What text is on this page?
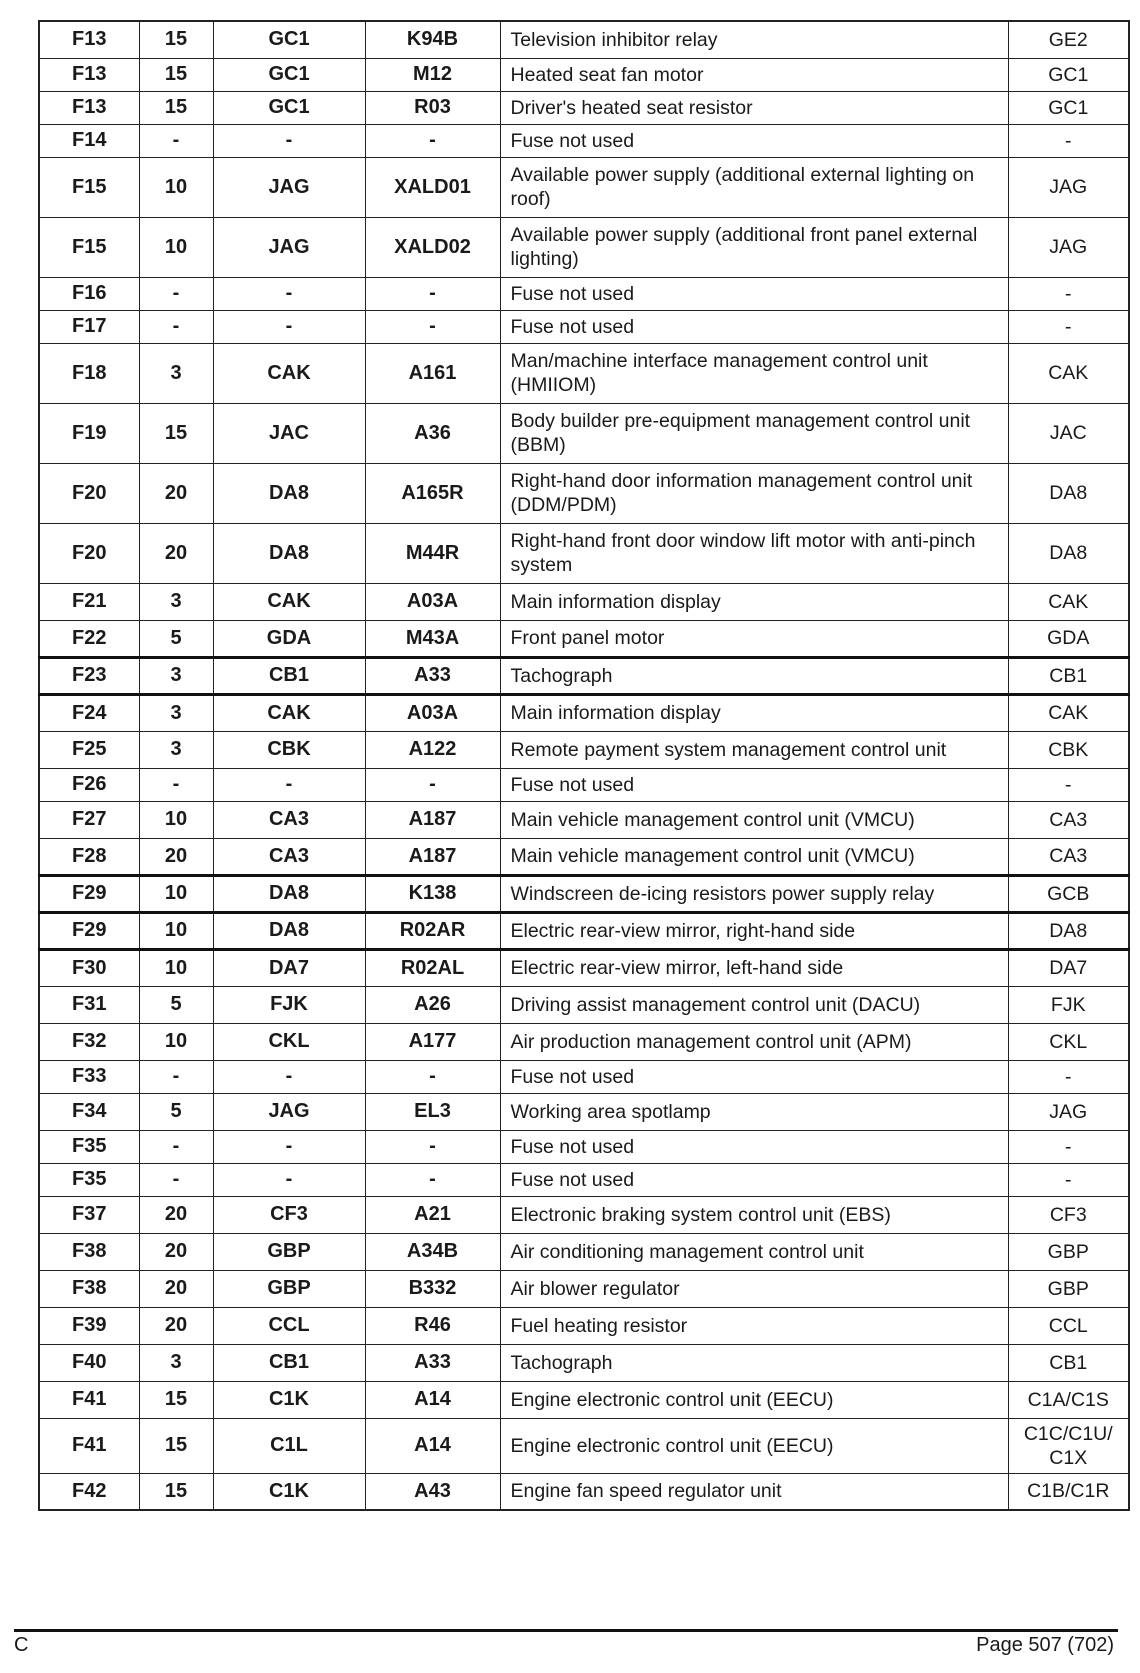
F13	15	GC1	K94B	Television inhibitor relay	GE2
F13	15	GC1	M12	Heated seat fan motor	GC1
F13	15	GC1	R03	Driver's heated seat resistor	GC1
F14	-	-	-	Fuse not used	-
F15	10	JAG	XALD01	Available power supply (additional external lighting on roof)	JAG
F15	10	JAG	XALD02	Available power supply (additional front panel external lighting)	JAG
F16	-	-	-	Fuse not used	-
F17	-	-	-	Fuse not used	-
F18	3	CAK	A161	Man/machine interface management control unit (HMIIOM)	CAK
F19	15	JAC	A36	Body builder pre-equipment management control unit (BBM)	JAC
F20	20	DA8	A165R	Right-hand door information management control unit (DDM/PDM)	DA8
F20	20	DA8	M44R	Right-hand front door window lift motor with anti-pinch system	DA8
F21	3	CAK	A03A	Main information display	CAK
F22	5	GDA	M43A	Front panel motor	GDA
F23	3	CB1	A33	Tachograph	CB1
F24	3	CAK	A03A	Main information display	CAK
F25	3	CBK	A122	Remote payment system management control unit	CBK
F26	-	-	-	Fuse not used	-
F27	10	CA3	A187	Main vehicle management control unit (VMCU)	CA3
F28	20	CA3	A187	Main vehicle management control unit (VMCU)	CA3
F29	10	DA8	K138	Windscreen de-icing resistors power supply relay	GCB
F29	10	DA8	R02AR	Electric rear-view mirror, right-hand side	DA8
F30	10	DA7	R02AL	Electric rear-view mirror, left-hand side	DA7
F31	5	FJK	A26	Driving assist management control unit (DACU)	FJK
F32	10	CKL	A177	Air production management control unit (APM)	CKL
F33	-	-	-	Fuse not used	-
F34	5	JAG	EL3	Working area spotlamp	JAG
F35	-	-	-	Fuse not used	-
F35	-	-	-	Fuse not used	-
F37	20	CF3	A21	Electronic braking system control unit (EBS)	CF3
F38	20	GBP	A34B	Air conditioning management control unit	GBP
F38	20	GBP	B332	Air blower regulator	GBP
F39	20	CCL	R46	Fuel heating resistor	CCL
F40	3	CB1	A33	Tachograph	CB1
F41	15	C1K	A14	Engine electronic control unit (EECU)	C1A/C1S
F41	15	C1L	A14	Engine electronic control unit (EECU)	C1C/C1U/ C1X
F42	15	C1K	A43	Engine fan speed regulator unit	C1B/C1R
C	Page 507 (702)
